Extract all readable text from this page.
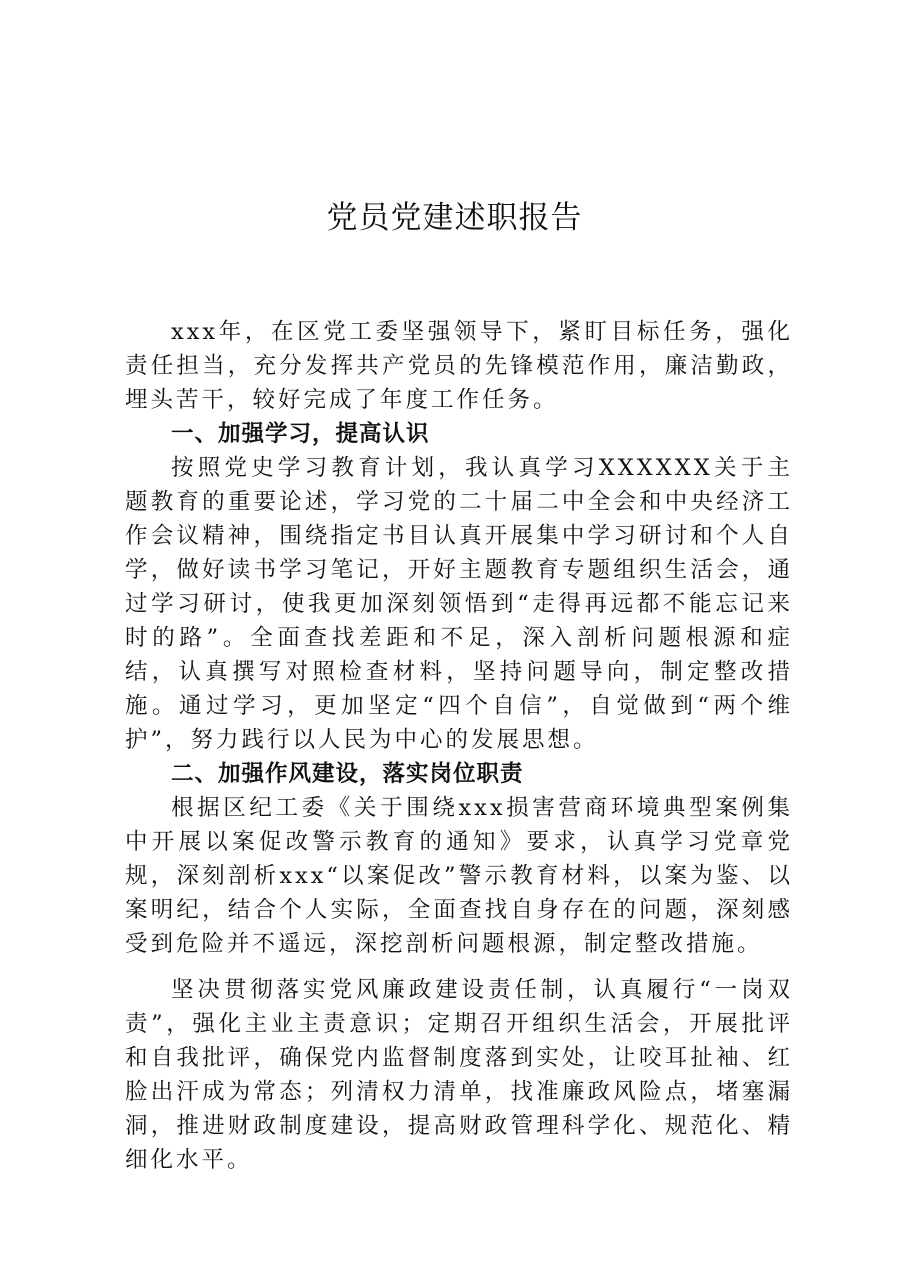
党员党建述职报告

xxx年，在区党工委坚强领导下，紧盯目标任务，强化责任担当，充分发挥共产党员的先锋模范作用，廉洁勤政，埋头苦干，较好完成了年度工作任务。

一、加强学习，提高认识

按照党史学习教育计划，我认真学习XXXXXX关于主题教育的重要论述，学习党的二十届二中全会和中央经济工作会议精神，围绕指定书目认真开展集中学习研讨和个人自学，做好读书学习笔记，开好主题教育专题组织生活会，通过学习研讨，使我更加深刻领悟到“走得再远都不能忘记来时的路”。全面查找差距和不足，深入剖析问题根源和症结，认真撰写对照检查材料，坚持问题导向，制定整改措施。通过学习，更加坚定“四个自信”，自觉做到“两个维护”，努力践行以人民为中心的发展思想。

二、加强作风建设，落实岗位职责

根据区纪工委《关于围绕xxx损害营商环境典型案例集中开展以案促改警示教育的通知》要求，认真学习党章党规，深刻剖析xxx“以案促改”警示教育材料，以案为鉴、以案明纪，结合个人实际，全面查找自身存在的问题，深刻感受到危险并不遥远，深挖剖析问题根源，制定整改措施。

坚决贯彻落实党风廉政建设责任制，认真履行“一岗双责”，强化主业主责意识；定期召开组织生活会，开展批评和自我批评，确保党内监督制度落到实处，让咬耳扯袖、红脸出汗成为常态；列清权力清单，找准廉政风险点，堵塞漏洞，推进财政制度建设，提高财政管理科学化、规范化、精细化水平。
